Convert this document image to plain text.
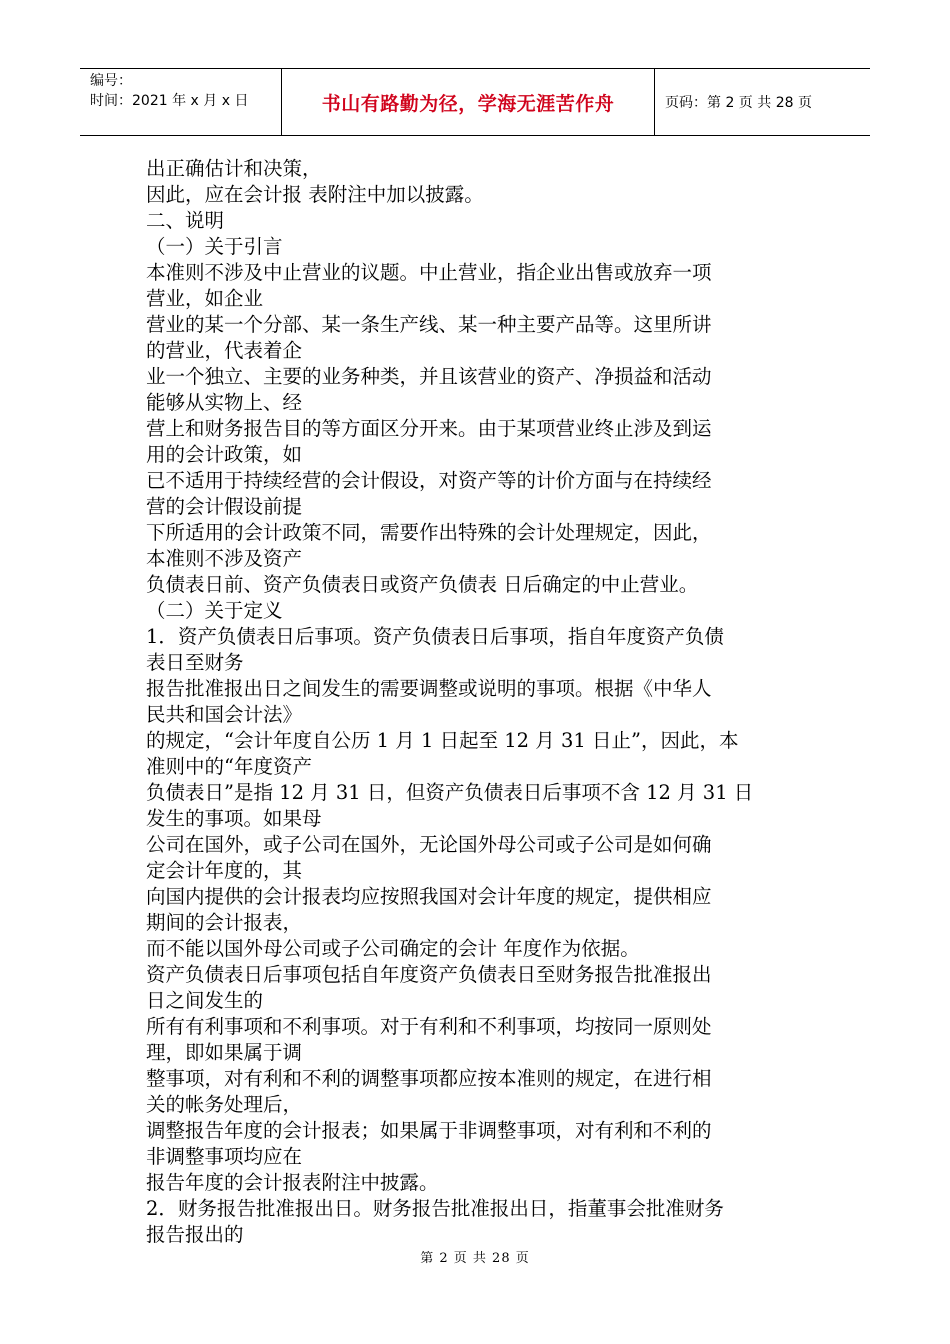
编号：
时间：2021 年 x 月 x 日	书山有路勤为径，学海无涯苦作舟	页码：第 2 页 共 28 页
出正确估计和决策，
因此，应在会计报 表附注中加以披露。
二、说明
（一）关于引言
本准则不涉及中止营业的议题。中止营业，指企业出售或放弃一项
营业，如企业
营业的某一个分部、某一条生产线、某一种主要产品等。这里所讲
的营业，代表着企
业一个独立、主要的业务种类，并且该营业的资产、净损益和活动
能够从实物上、经
营上和财务报告目的等方面区分开来。由于某项营业终止涉及到运
用的会计政策，如
已不适用于持续经营的会计假设，对资产等的计价方面与在持续经
营的会计假设前提
下所适用的会计政策不同，需要作出特殊的会计处理规定，因此，
本准则不涉及资产
负债表日前、资产负债表日或资产负债表 日后确定的中止营业。
（二）关于定义
1．资产负债表日后事项。资产负债表日后事项，指自年度资产负债
表日至财务
报告批准报出日之间发生的需要调整或说明的事项。根据《中华人
民共和国会计法》
的规定，“会计年度自公历 1 月 1 日起至 12 月 31 日止”，因此，本
准则中的“年度资产
负债表日”是指 12 月 31 日，但资产负债表日后事项不含 12 月 31 日
发生的事项。如果母
公司在国外，或子公司在国外，无论国外母公司或子公司是如何确
定会计年度的，其
向国内提供的会计报表均应按照我国对会计年度的规定，提供相应
期间的会计报表，
而不能以国外母公司或子公司确定的会计 年度作为依据。
资产负债表日后事项包括自年度资产负债表日至财务报告批准报出
日之间发生的
所有有利事项和不利事项。对于有利和不利事项，均按同一原则处
理，即如果属于调
整事项，对有利和不利的调整事项都应按本准则的规定，在进行相
关的帐务处理后，
调整报告年度的会计报表；如果属于非调整事项，对有利和不利的
非调整事项均应在
报告年度的会计报表附注中披露。
2．财务报告批准报出日。财务报告批准报出日，指董事会批准财务
报告报出的
第 2 页 共 28 页
